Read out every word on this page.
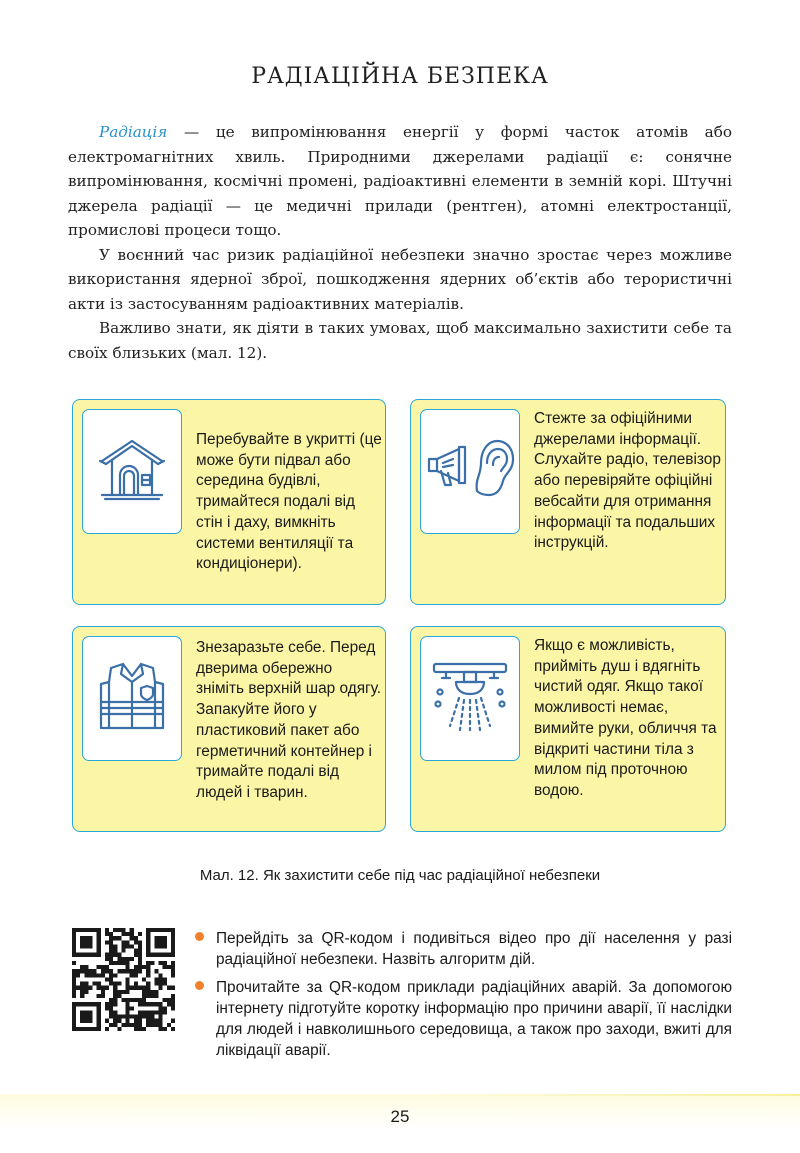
РАДІАЦІЙНА БЕЗПЕКА

Радіація — це випромінювання енергії у формі часток атомів або електромагнітних хвиль. Природними джерелами радіації є: сонячне випромінювання, космічні промені, радіоактивні елементи в земній корі. Штучні джерела радіації — це медичні прилади (рентген), атомні електростанції, промислові процеси тощо.

У воєнний час ризик радіаційної небезпеки значно зростає через можливе використання ядерної зброї, пошкодження ядерних об’єктів або терористичні акти із застосуванням радіоактивних матеріалів.

Важливо знати, як діяти в таких умовах, щоб максимально захистити себе та своїх близьких (мал. 12).

Перебувайте в укритті (це може бути підвал або середина будівлі, тримайтеся подалі від стін і даху, вимкніть системи вентиляції та кондиціонери).
Стежте за офіційними джерелами інформації. Слухайте радіо, телевізор або перевіряйте офіційні вебсайти для отримання інформації та подальших інструкцій.
Знезаразьте себе. Перед дверима обережно зніміть верхній шар одягу. Запакуйте його у пластиковий пакет або герметичний контейнер і тримайте подалі від людей і тварин.
Якщо є можливість, прийміть душ і вдягніть чистий одяг. Якщо такої можливості немає, вимийте руки, обличчя та відкриті частини тіла з милом під проточною водою.
Мал. 12. Як захистити себе під час радіаційної небезпеки
Перейдіть за QR-кодом і подивіться відео про дії населення у разі радіаційної небезпеки. Назвіть алгоритм дій.
Прочитайте за QR-кодом приклади радіаційних аварій. За допомогою інтернету підготуйте коротку інформацію про причини аварії, її наслідки для людей і навколишнього середовища, а також про заходи, вжиті для ліквідації аварії.
25
